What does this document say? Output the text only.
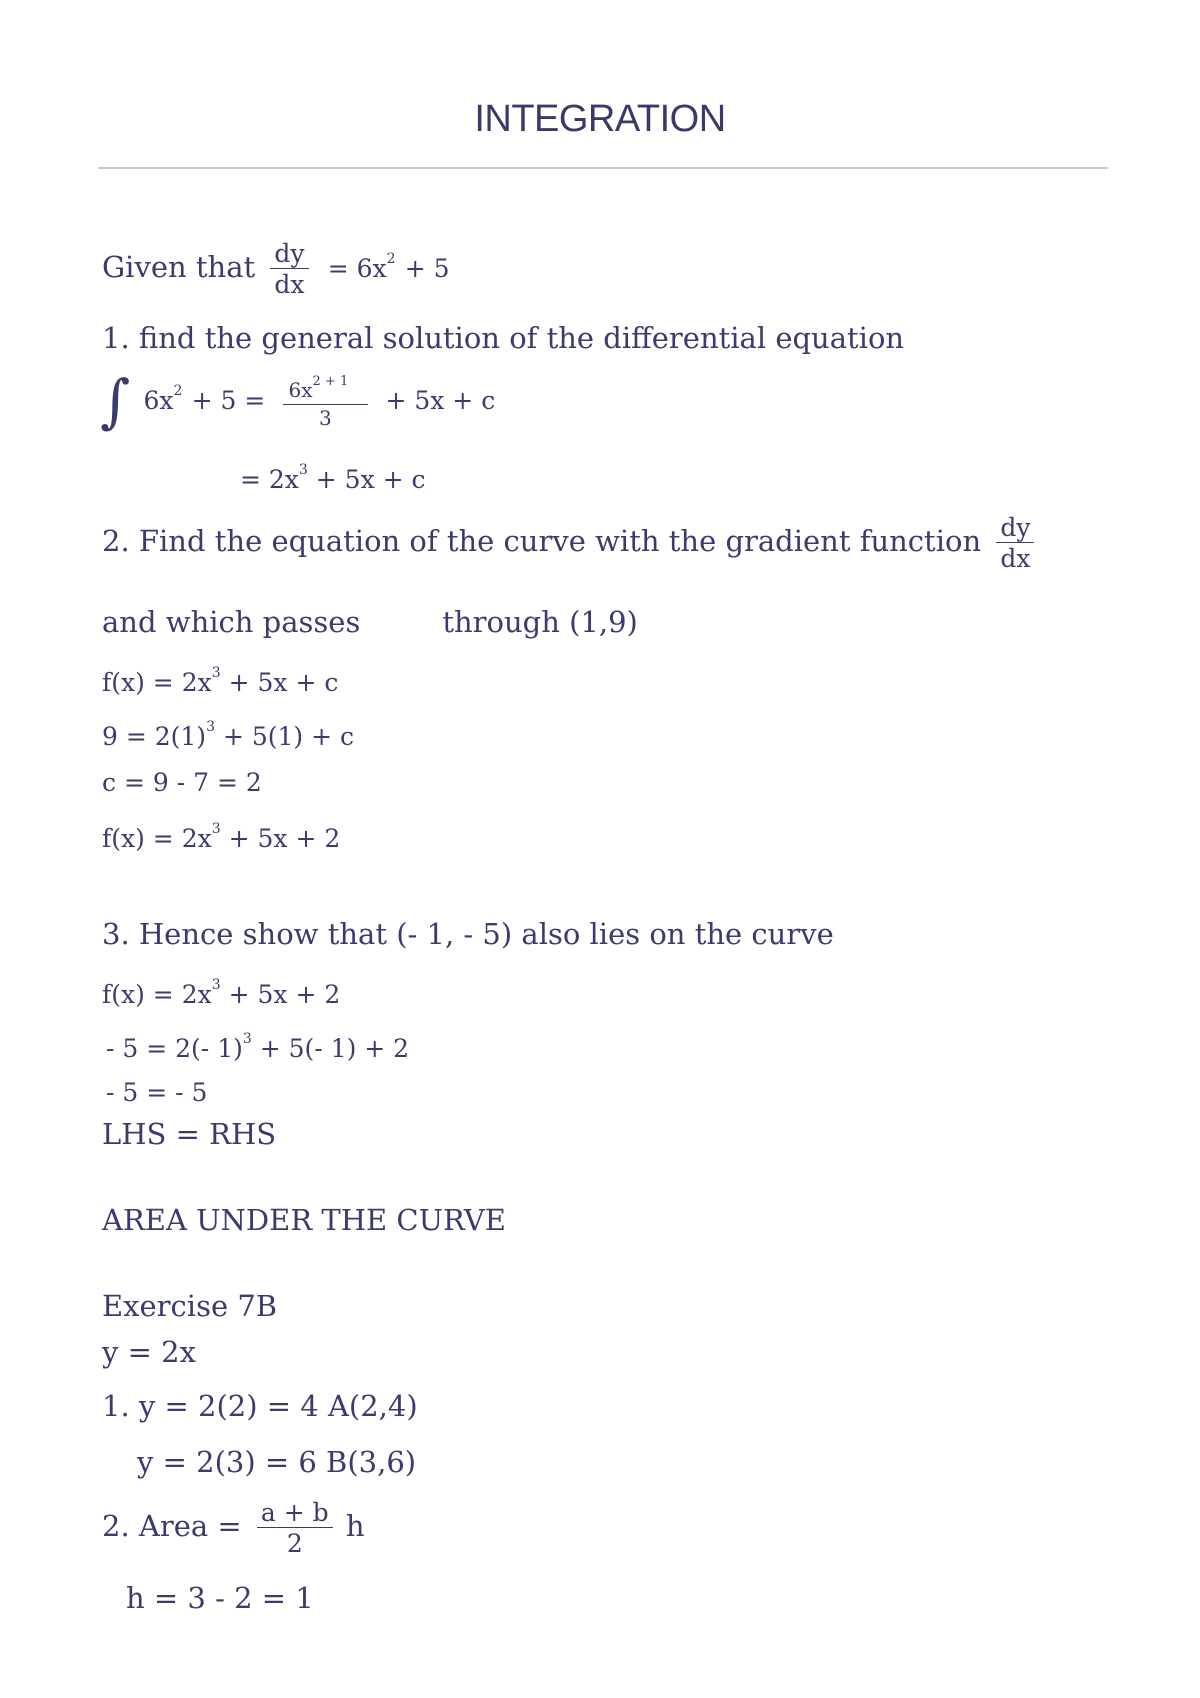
INTEGRATION
Given that $\frac{dy}{dx} = 6x^2 + 5$
1. find the general solution of the differential equation
∫ $6x^2 + 5 = \frac{6x^{2 + 1}}{3} + 5x + c$
= $2x^3 + 5x + c$
2. Find the equation of the curve with the gradient function $\frac{dy}{dx}$
and which passes	through (1,9)
$f(x) = 2x^3 + 5x + c$
$9 = 2(1)^3 + 5(1) + c$
c = 9 - 7 = 2
$f(x) = 2x^3 + 5x + 2$
3. Hence show that (- 1, - 5) also lies on the curve
$f(x) = 2x^3 + 5x + 2$
- 5 = 2(- 1)$^3$ + 5(- 1) + 2
- 5 = - 5
LHS = RHS
AREA UNDER THE CURVE
Exercise 7B
y = 2x
1. y = 2(2) = 4 A(2,4)
y = 2(3) = 6 B(3,6)
2. Area = $\frac{a + b}{2}$ h
h = 3 - 2 = 1
